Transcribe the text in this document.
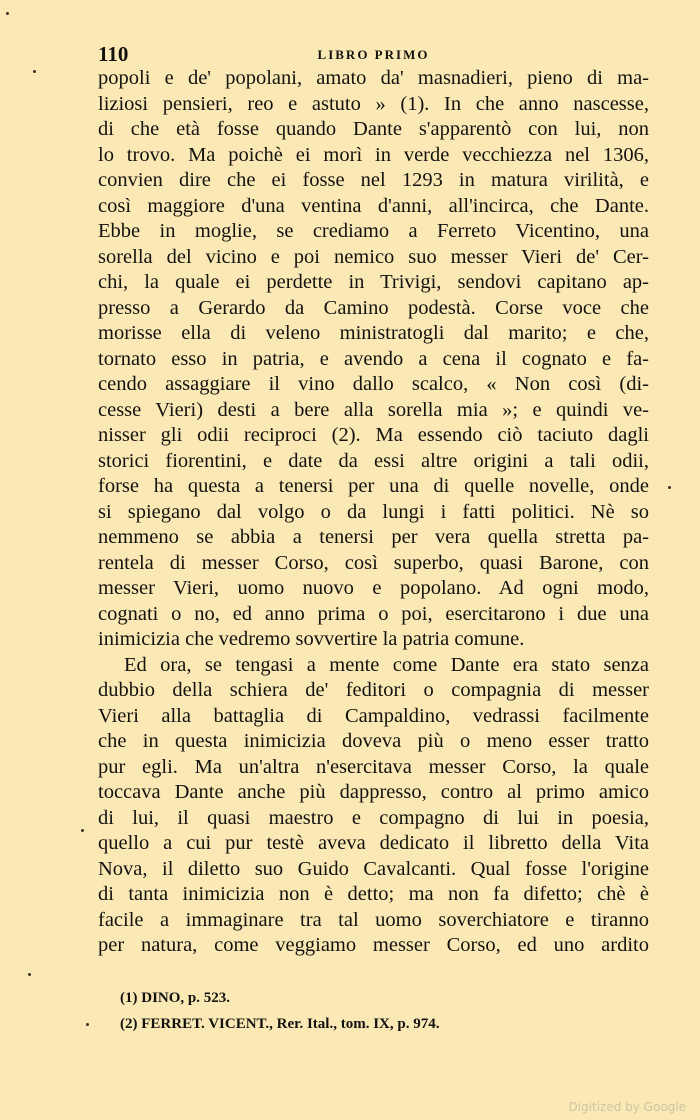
110	LIBRO PRIMO
popoli e de' popolani, amato da' masnadieri, pieno di ma-
liziosi pensieri, reo e astuto » (1). In che anno nascesse,
di che età fosse quando Dante s'apparentò con lui, non
lo trovo. Ma poichè ei morì in verde vecchiezza nel 1306,
convien dire che ei fosse nel 1293 in matura virilità, e
così maggiore d'una ventina d'anni, all'incirca, che Dante.
Ebbe in moglie, se crediamo a Ferreto Vicentino, una
sorella del vicino e poi nemico suo messer Vieri de' Cer-
chi, la quale ei perdette in Trivigi, sendovi capitano ap-
presso a Gerardo da Camino podestà. Corse voce che
morisse ella di veleno ministratogli dal marito; e che,
tornato esso in patria, e avendo a cena il cognato e fa-
cendo assaggiare il vino dallo scalco, « Non così (di-
cesse Vieri) desti a bere alla sorella mia »; e quindi ve-
nisser gli odii reciproci (2). Ma essendo ciò taciuto dagli
storici fiorentini, e date da essi altre origini a tali odii,
forse ha questa a tenersi per una di quelle novelle, onde
si spiegano dal volgo o da lungi i fatti politici. Nè so
nemmeno se abbia a tenersi per vera quella stretta pa-
rentela di messer Corso, così superbo, quasi Barone, con
messer Vieri, uomo nuovo e popolano. Ad ogni modo,
cognati o no, ed anno prima o poi, esercitarono i due una
inimicizia che vedremo sovvertire la patria comune.
Ed ora, se tengasi a mente come Dante era stato senza
dubbio della schiera de' feditori o compagnia di messer
Vieri alla battaglia di Campaldino, vedrassi facilmente
che in questa inimicizia doveva più o meno esser tratto
pur egli. Ma un'altra n'esercitava messer Corso, la quale
toccava Dante anche più dappresso, contro al primo amico
di lui, il quasi maestro e compagno di lui in poesia,
quello a cui pur testè aveva dedicato il libretto della Vita
Nova, il diletto suo Guido Cavalcanti. Qual fosse l'origine
di tanta inimicizia non è detto; ma non fa difetto; chè è
facile a immaginare tra tal uomo soverchiatore e tiranno
per natura, come veggiamo messer Corso, ed uno ardito
(1) DINO, p. 523.
(2) FERRET. VICENT., Rer. Ital., tom. IX, p. 974.
Digitized by Google
